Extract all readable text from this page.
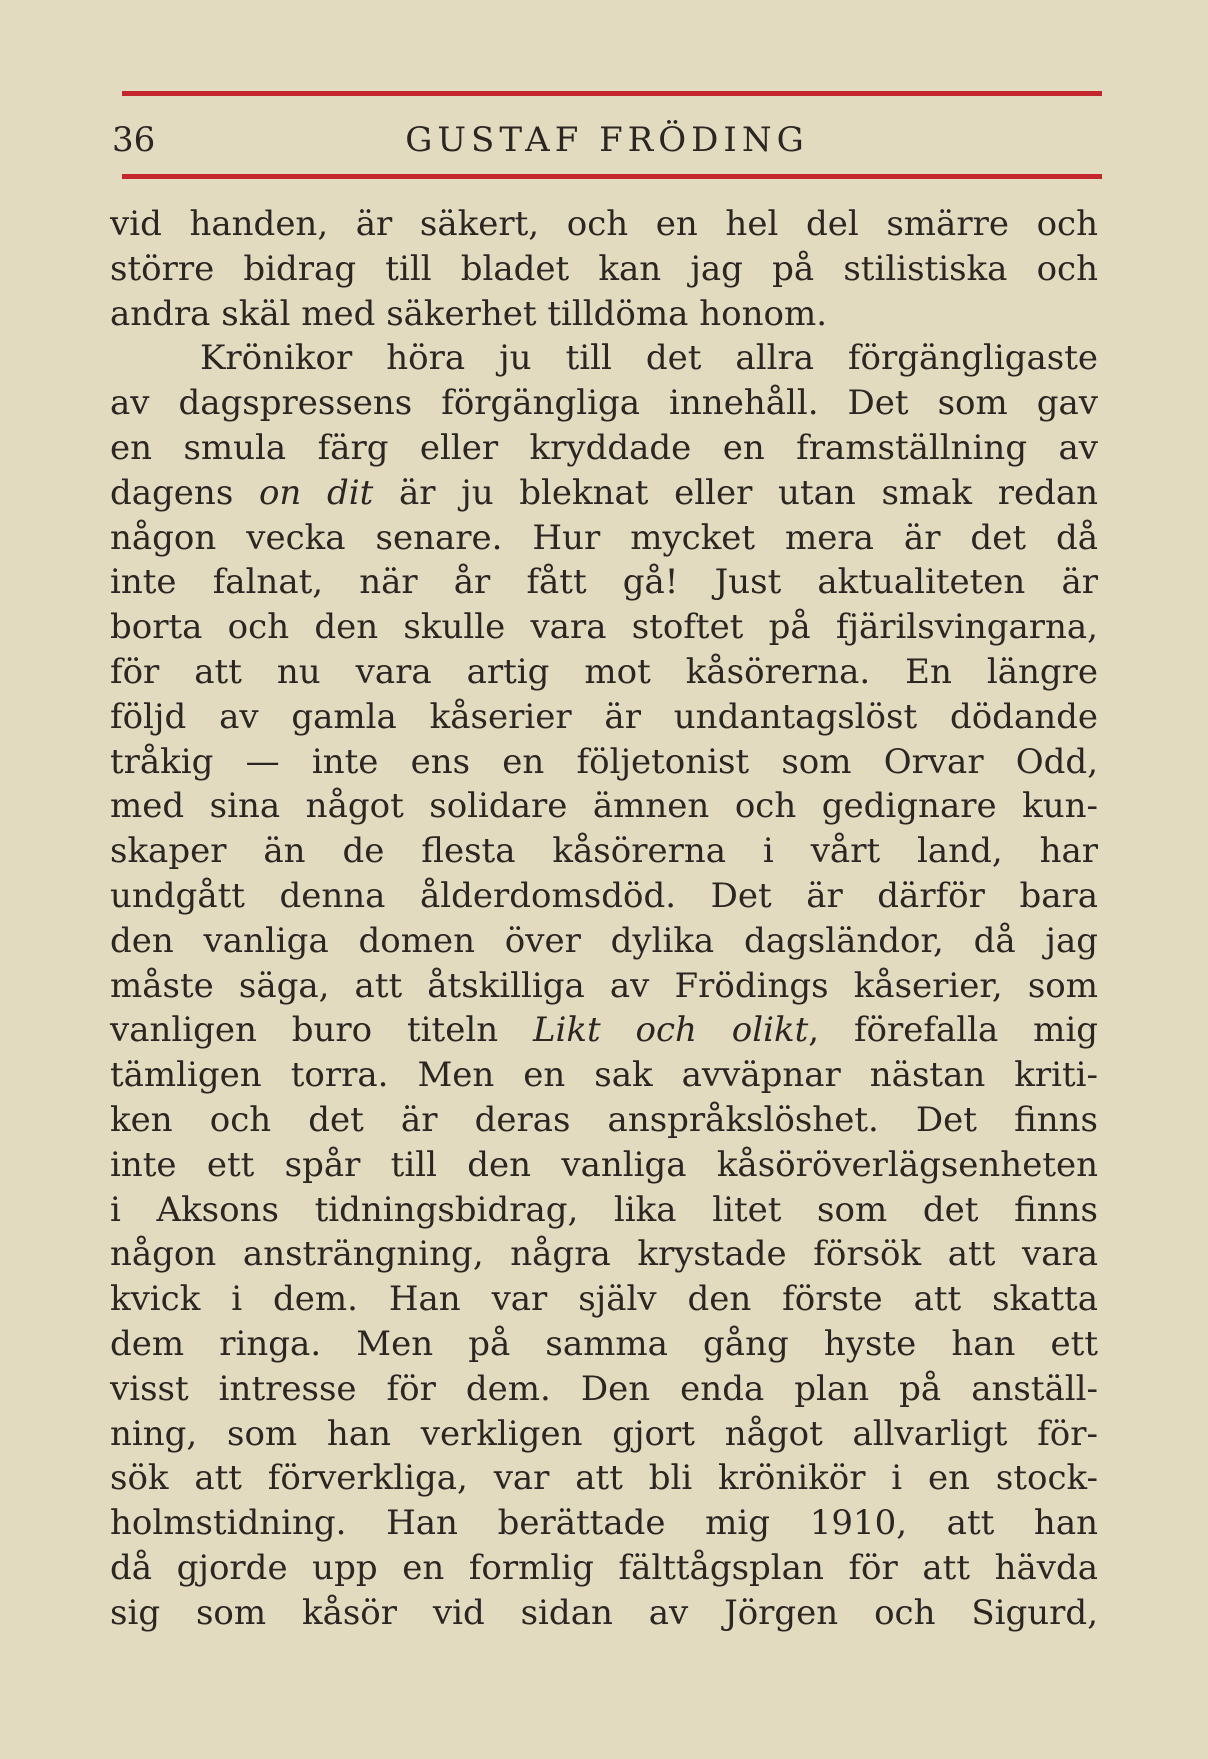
36	GUSTAF FRÖDING
vid handen, är säkert, och en hel del smärre och
större bidrag till bladet kan jag på stilistiska och
andra skäl med säkerhet tilldöma honom.
Krönikor höra ju till det allra förgängligaste
av dagspressens förgängliga innehåll. Det som gav
en smula färg eller kryddade en framställning av
dagens on dit är ju bleknat eller utan smak redan
någon vecka senare. Hur mycket mera är det då
inte falnat, när år fått gå! Just aktualiteten är
borta och den skulle vara stoftet på fjärilsvingarna,
för att nu vara artig mot kåsörerna. En längre
följd av gamla kåserier är undantagslöst dödande
tråkig — inte ens en följetonist som Orvar Odd,
med sina något solidare ämnen och gedignare kun-
skaper än de flesta kåsörerna i vårt land, har
undgått denna ålderdomsdöd. Det är därför bara
den vanliga domen över dylika dagsländor, då jag
måste säga, att åtskilliga av Frödings kåserier, som
vanligen buro titeln Likt och olikt, förefalla mig
tämligen torra. Men en sak avväpnar nästan kriti-
ken och det är deras anspråkslöshet. Det finns
inte ett spår till den vanliga kåsöröverlägsenheten
i Aksons tidningsbidrag, lika litet som det finns
någon ansträngning, några krystade försök att vara
kvick i dem. Han var själv den förste att skatta
dem ringa. Men på samma gång hyste han ett
visst intresse för dem. Den enda plan på anställ-
ning, som han verkligen gjort något allvarligt för-
sök att förverkliga, var att bli krönikör i en stock-
holmstidning. Han berättade mig 1910, att han
då gjorde upp en formlig fälttågsplan för att hävda
sig som kåsör vid sidan av Jörgen och Sigurd,
